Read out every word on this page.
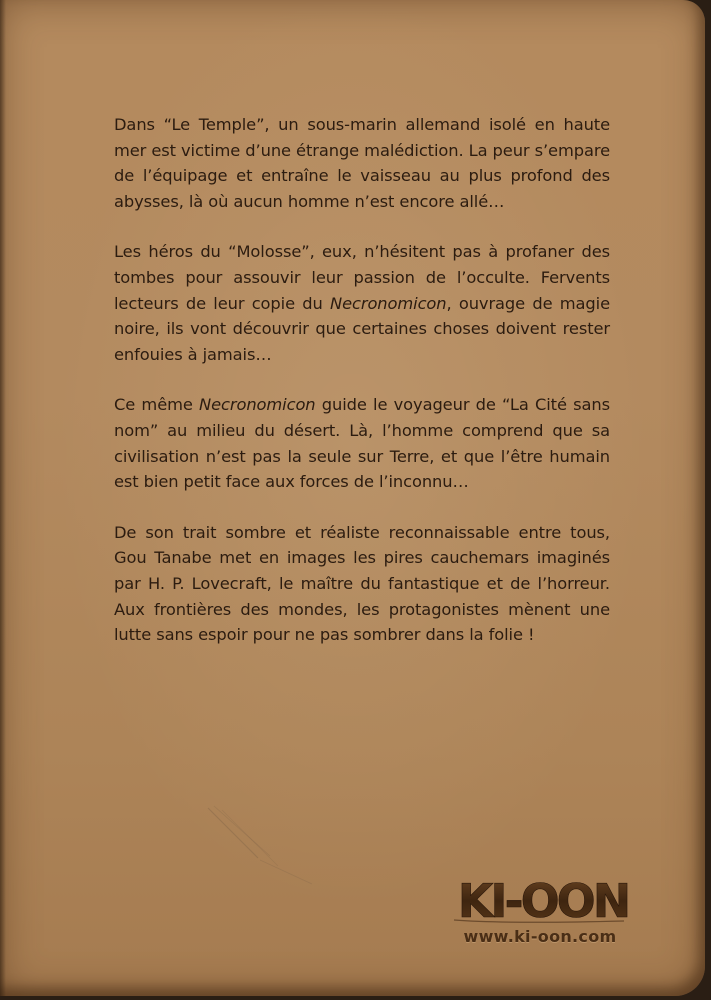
Dans “Le Temple”, un sous-marin allemand isolé en haute mer est victime d’une étrange malédiction. La peur s’empare de l’équipage et entraîne le vaisseau au plus profond des abysses, là où aucun homme n’est encore allé…

Les héros du “Molosse”, eux, n’hésitent pas à profaner des tombes pour assouvir leur passion de l’occulte. Fervents lecteurs de leur copie du Necronomicon, ouvrage de magie noire, ils vont découvrir que certaines choses doivent rester enfouies à jamais…

Ce même Necronomicon guide le voyageur de “La Cité sans nom” au milieu du désert. Là, l’homme comprend que sa civilisation n’est pas la seule sur Terre, et que l’être humain est bien petit face aux forces de l’inconnu…

De son trait sombre et réaliste reconnaissable entre tous, Gou Tanabe met en images les pires cauchemars imaginés par H. P. Lovecraft, le maître du fantastique et de l’horreur. Aux frontières des mondes, les protagonistes mènent une lutte sans espoir pour ne pas sombrer dans la folie !

KI-OON
www.ki-oon.com
